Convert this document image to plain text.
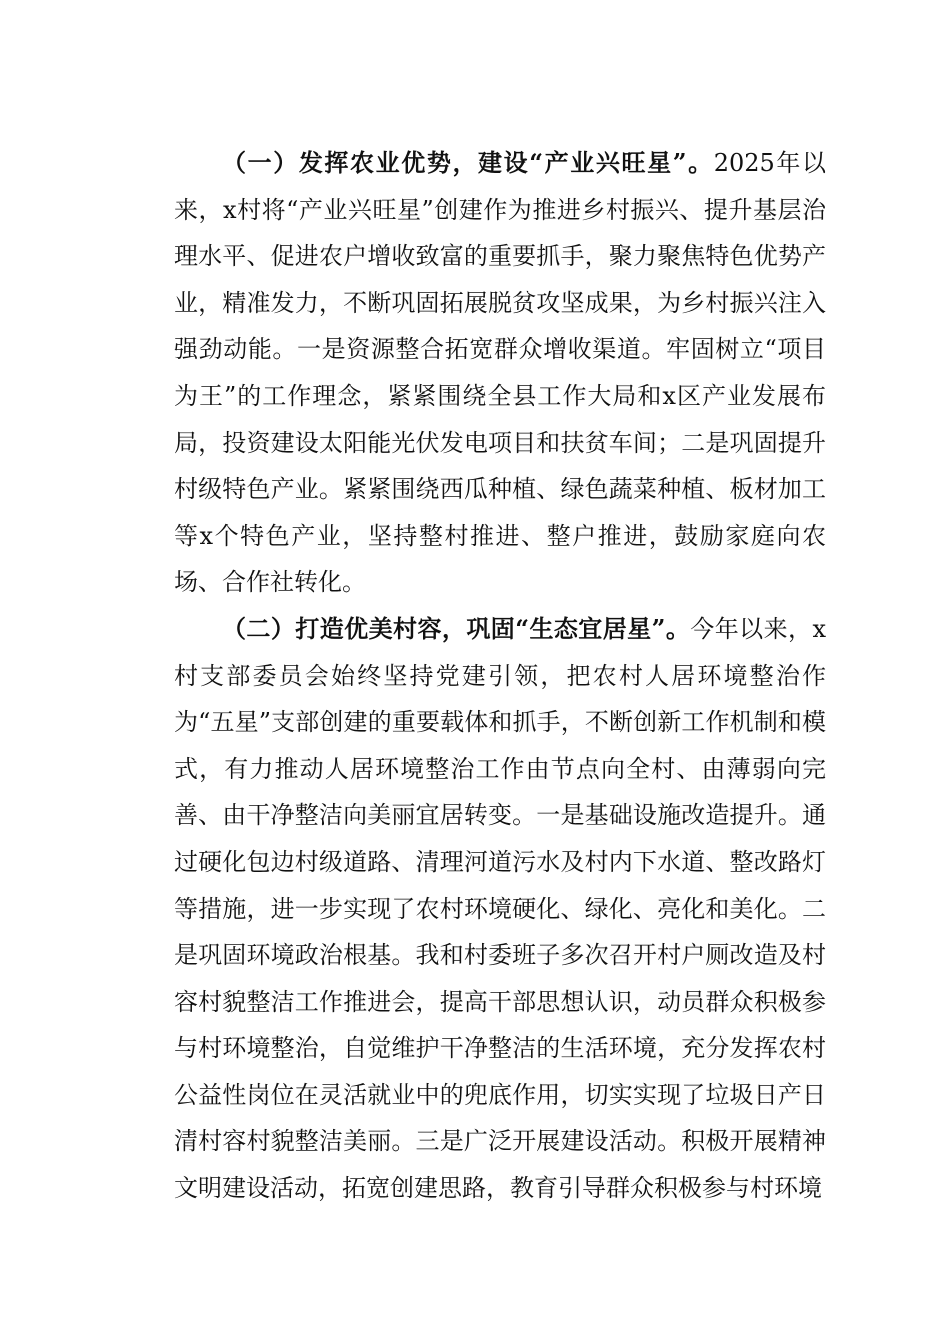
（一）发挥农业优势，建设“产业兴旺星”。2025年以来，x村将“产业兴旺星”创建作为推进乡村振兴、提升基层治理水平、促进农户增收致富的重要抓手，聚力聚焦特色优势产业，精准发力，不断巩固拓展脱贫攻坚成果，为乡村振兴注入强劲动能。一是资源整合拓宽群众增收渠道。牢固树立“项目为王”的工作理念，紧紧围绕全县工作大局和x区产业发展布局，投资建设太阳能光伏发电项目和扶贫车间；二是巩固提升村级特色产业。紧紧围绕西瓜种植、绿色蔬菜种植、板材加工等x个特色产业，坚持整村推进、整户推进，鼓励家庭向农场、合作社转化。

（二）打造优美村容，巩固“生态宜居星”。今年以来，x村支部委员会始终坚持党建引领，把农村人居环境整治作为“五星”支部创建的重要载体和抓手，不断创新工作机制和模式，有力推动人居环境整治工作由节点向全村、由薄弱向完善、由干净整洁向美丽宜居转变。一是基础设施改造提升。通过硬化包边村级道路、清理河道污水及村内下水道、整改路灯等措施，进一步实现了农村环境硬化、绿化、亮化和美化。二是巩固环境政治根基。我和村委班子多次召开村户厕改造及村容村貌整洁工作推进会，提高干部思想认识，动员群众积极参与村环境整治，自觉维护干净整洁的生活环境，充分发挥农村公益性岗位在灵活就业中的兜底作用，切实实现了垃圾日产日清村容村貌整洁美丽。三是广泛开展建设活动。积极开展精神文明建设活动，拓宽创建思路，教育引导群众积极参与村环境
